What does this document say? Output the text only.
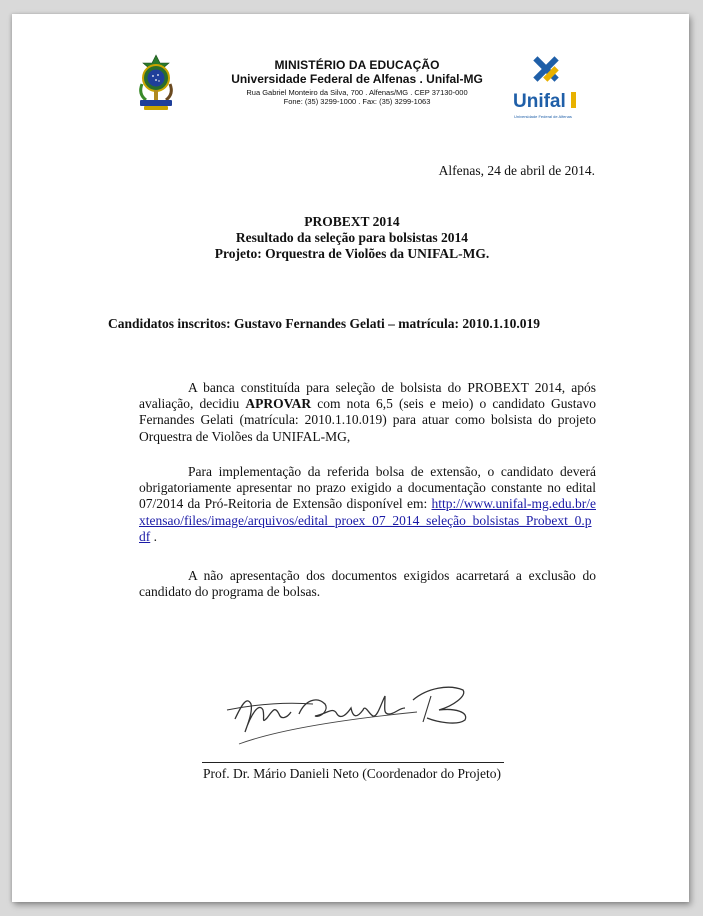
MINISTÉRIO DA EDUCAÇÃO
Universidade Federal de Alfenas . Unifal-MG
Rua Gabriel Monteiro da Silva, 700 . Alfenas/MG . CEP 37130-000
Fone: (35) 3299-1000 . Fax: (35) 3299-1063	Unifal
Universidade Federal de Alfenas
Alfenas, 24 de abril de 2014.
PROBEXT 2014
Resultado da seleção para bolsistas 2014
Projeto: Orquestra de Violões da UNIFAL-MG.
Candidatos inscritos: Gustavo Fernandes Gelati – matrícula: 2010.1.10.019
A banca constituída para seleção de bolsista do PROBEXT 2014, após avaliação, decidiu APROVAR com nota 6,5 (seis e meio) o candidato Gustavo Fernandes Gelati (matrícula: 2010.1.10.019) para atuar como bolsista do projeto Orquestra de Violões da UNIFAL-MG,
Para implementação da referida bolsa de extensão, o candidato deverá obrigatoriamente apresentar no prazo exigido a documentação constante no edital 07/2014 da Pró-Reitoria de Extensão disponível em: http://www.unifal-mg.edu.br/extensao/files/image/arquivos/edital_proex_07_2014_seleção_bolsistas_Probext_0.pdf .
A não apresentação dos documentos exigidos acarretará a exclusão do candidato do programa de bolsas.
Prof. Dr. Mário Danieli Neto (Coordenador do Projeto)
